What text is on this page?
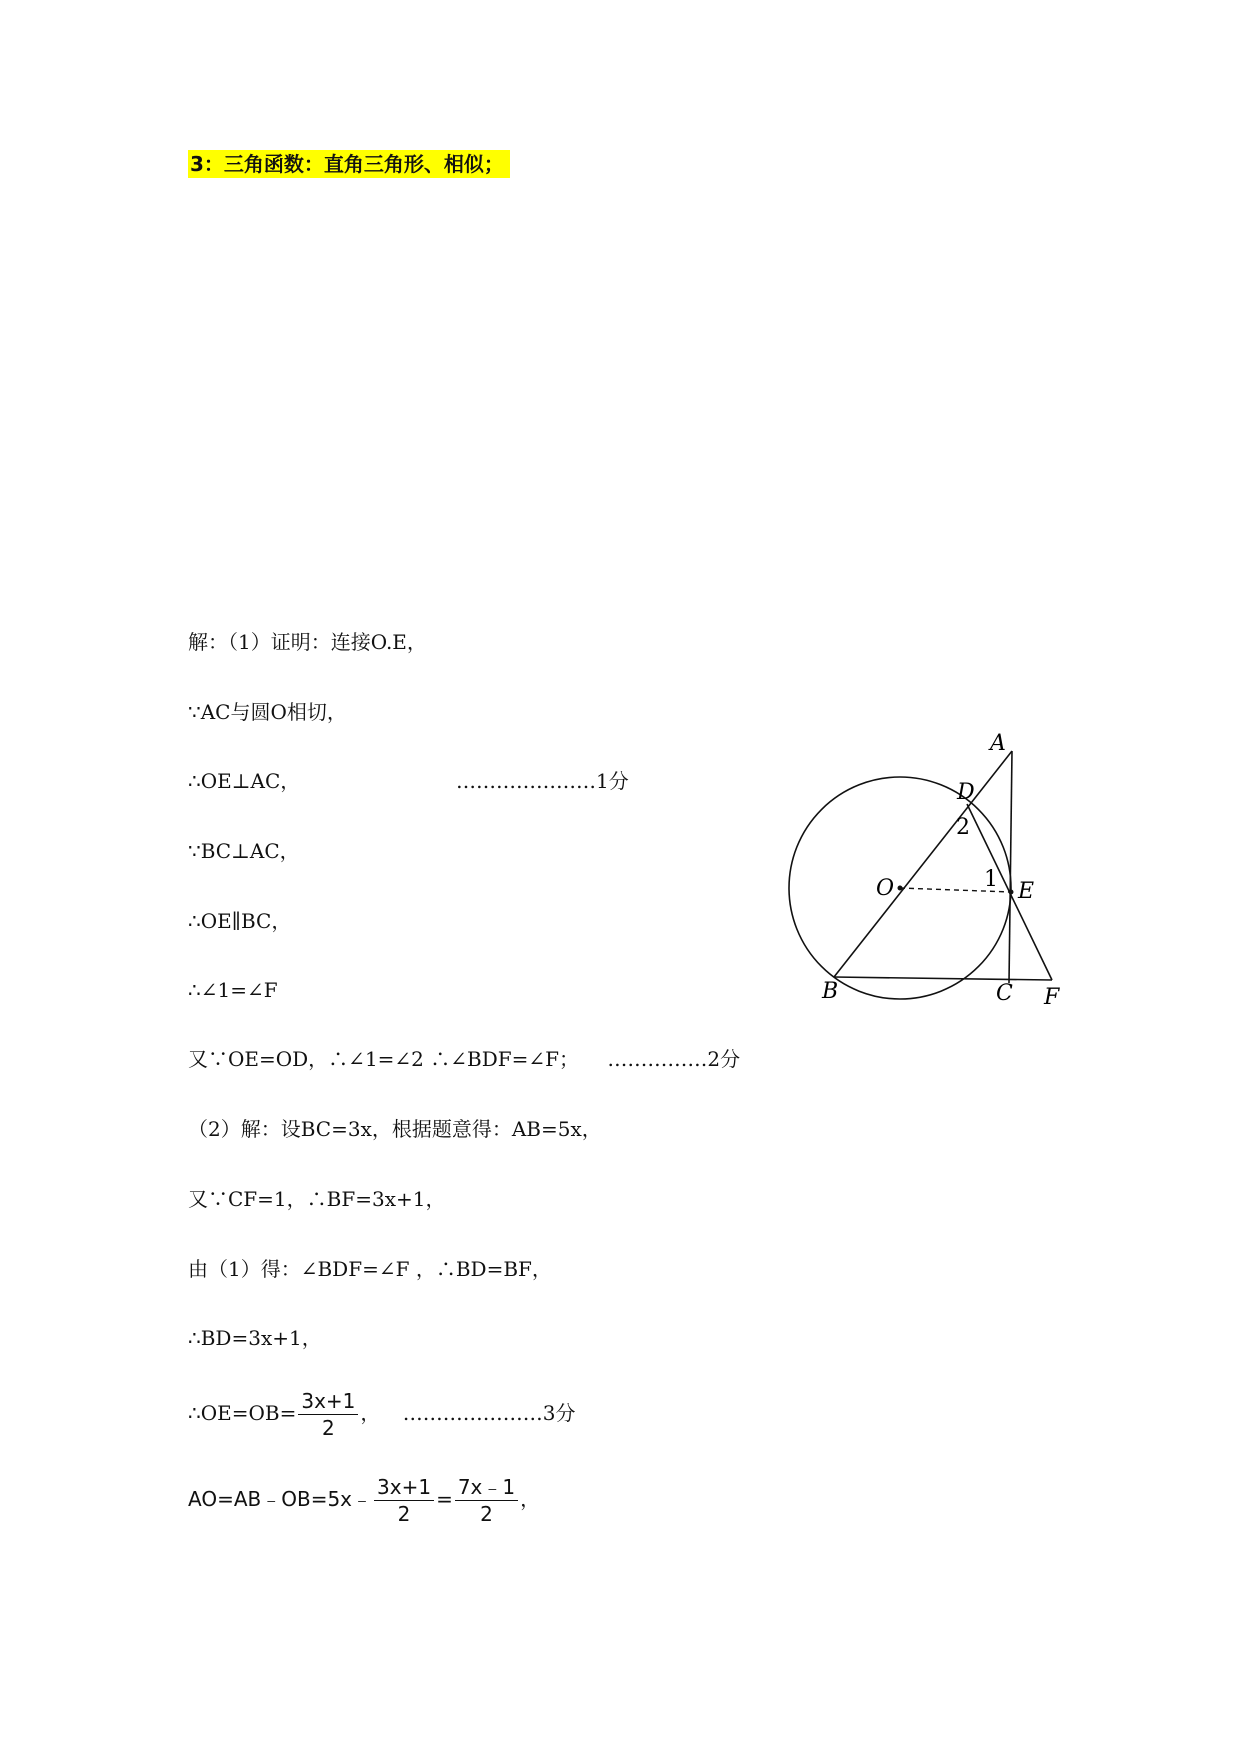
3：三角函数：直角三角形、相似；
解：（1）证明：连接O.E，
∵AC与圆O相切，
∴OE⊥AC，	…………………1分
∵BC⊥AC，
∴OE∥BC，
∴∠1=∠F
又∵OE=OD，∴∠1=∠2 ∴∠BDF=∠F； ……………2分
（2）解：设BC=3x，根据题意得：AB=5x，
又∵CF=1，∴BF=3x+1，
由（1）得：∠BDF=∠F ，∴BD=BF，
∴BD=3x+1，
∴OE=OB= $\frac{3x+1}{2}$ ， …………………3分
AO=AB﹣OB=5x﹣ $\frac{3x+1}{2} = \frac{7x﹣1}{2}$ ，
A
D
2
O	1 E
B	C F
